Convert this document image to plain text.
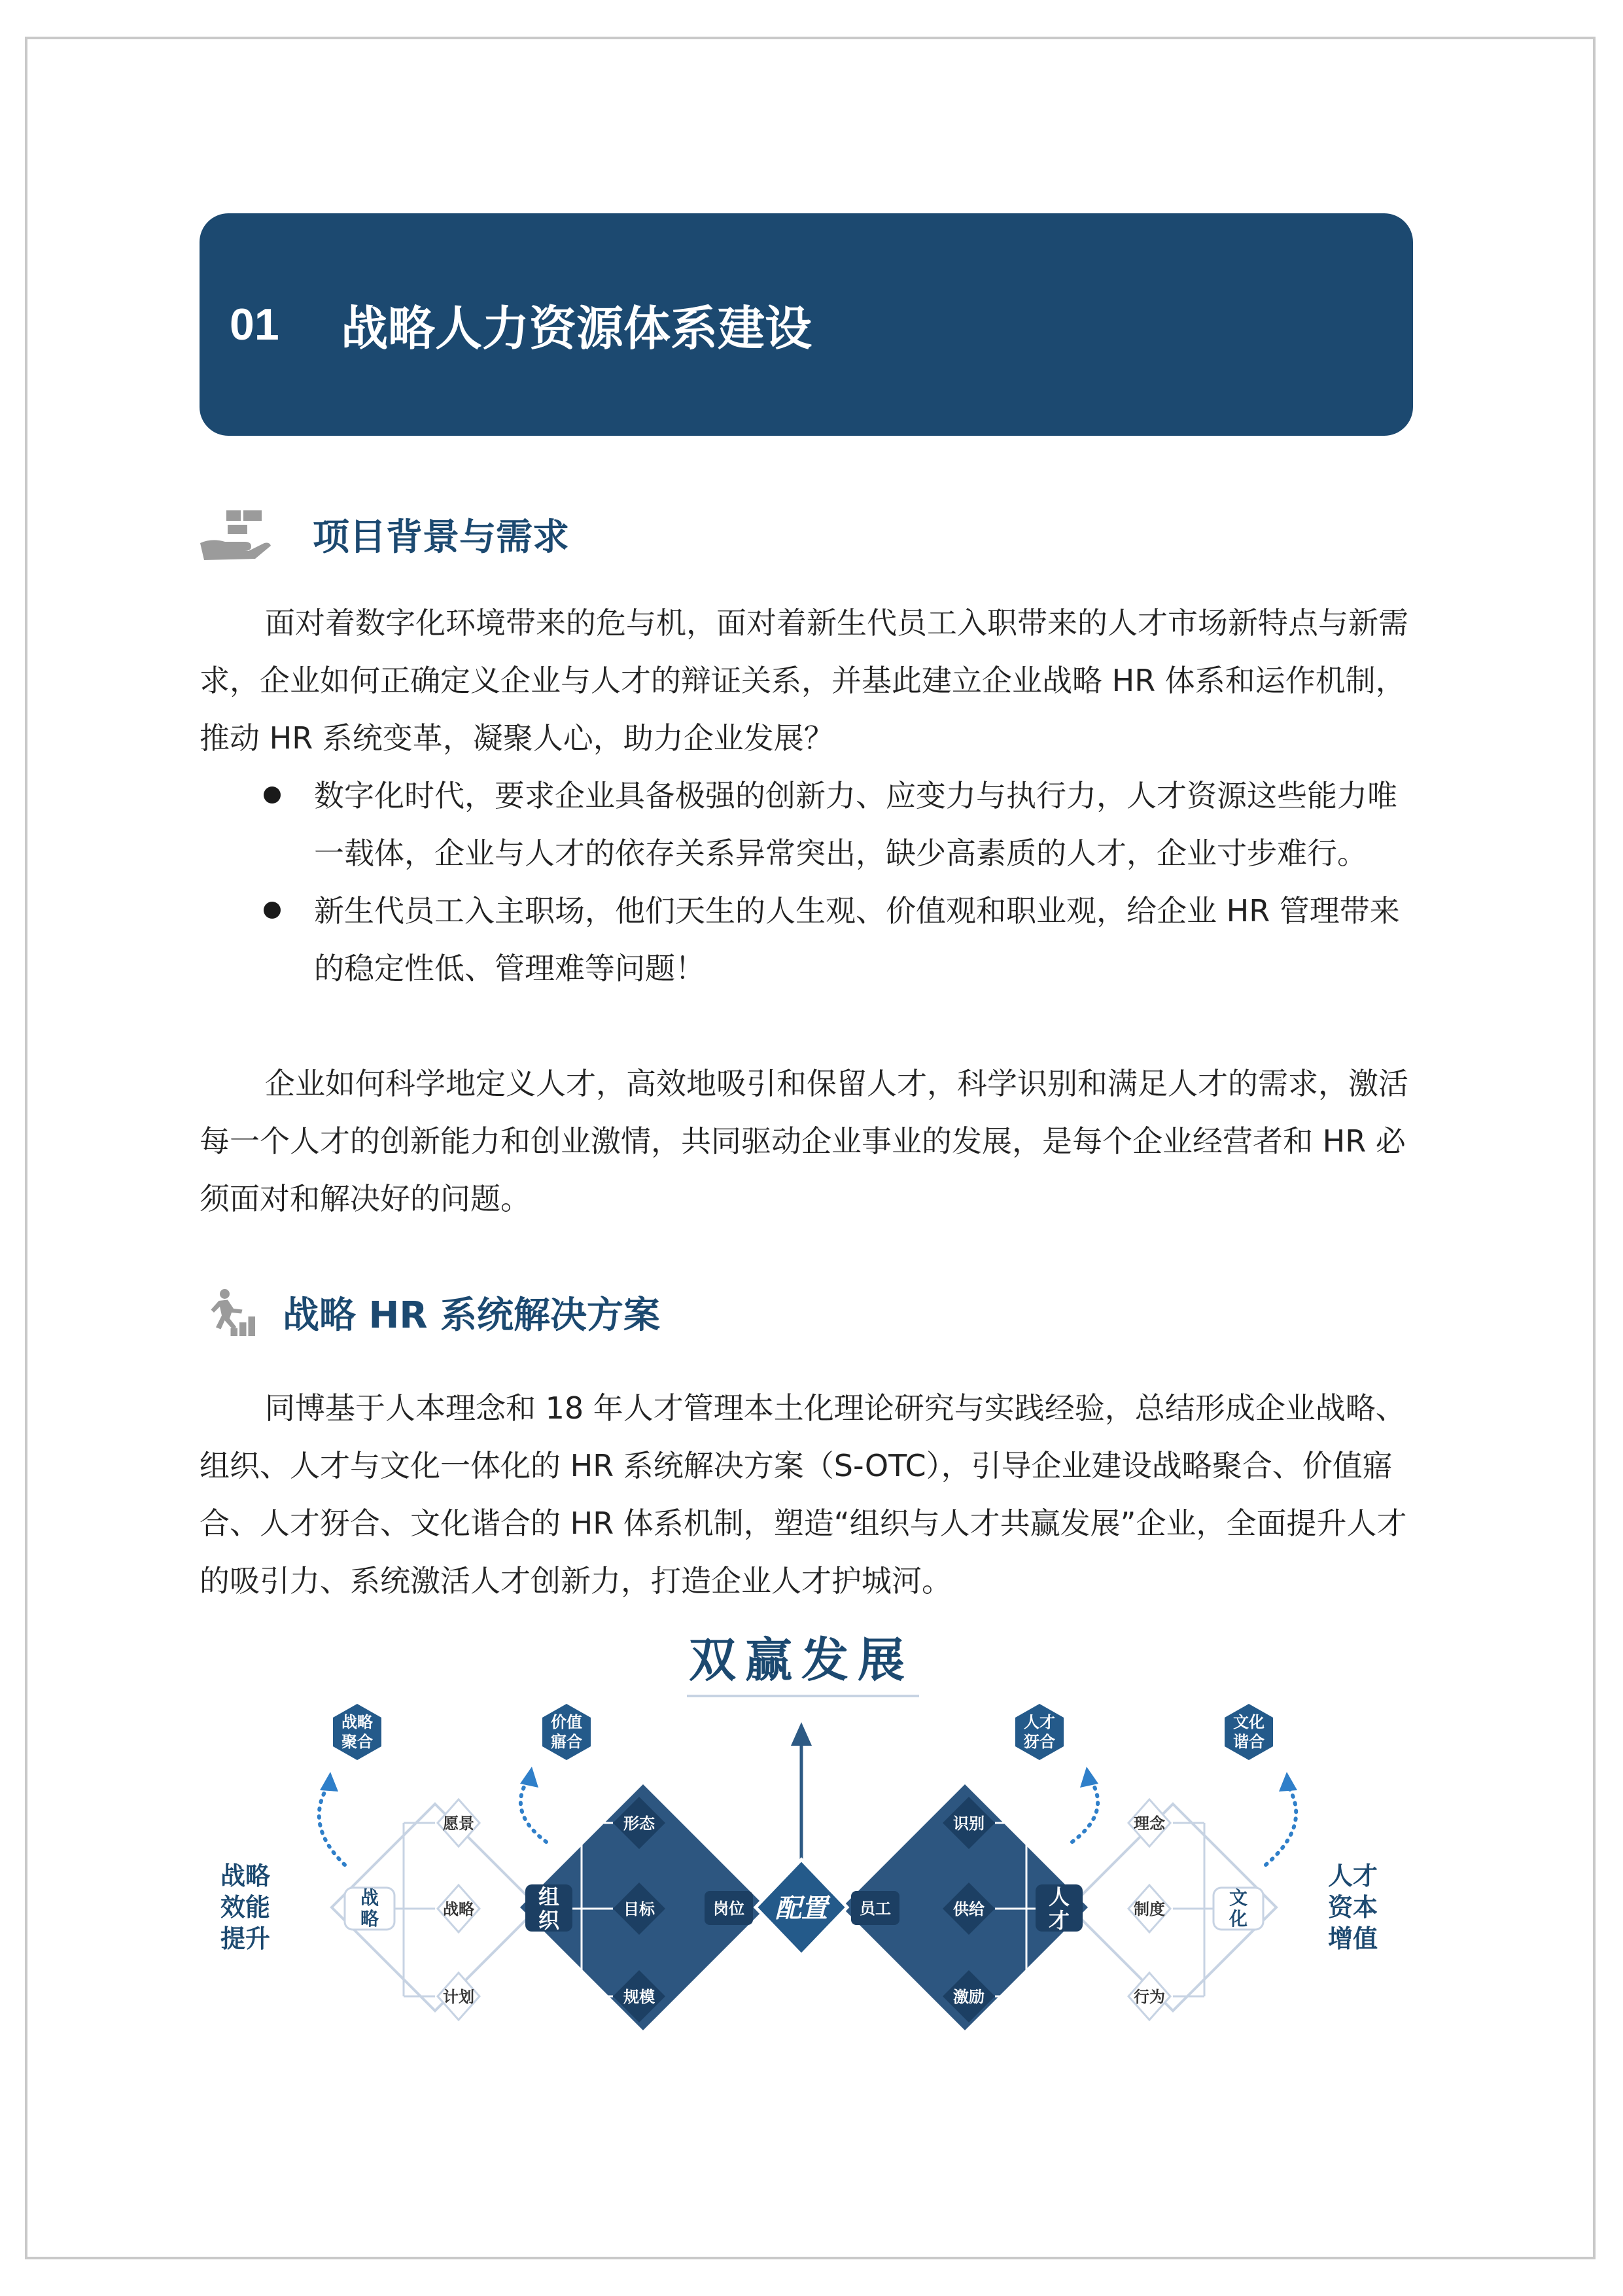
01	战略人力资源体系建设
项目背景与需求

面对着数字化环境带来的危与机，面对着新生代员工入职带来的人才市场新特点与新需求，企业如何正确定义企业与人才的辩证关系，并基此建立企业战略 HR 体系和运作机制，推动 HR 系统变革，凝聚人心，助力企业发展？

数字化时代，要求企业具备极强的创新力、应变力与执行力，人才资源这些能力唯一载体，企业与人才的依存关系异常突出，缺少高素质的人才，企业寸步难行。
新生代员工入主职场，他们天生的人生观、价值观和职业观，给企业 HR 管理带来的稳定性低、管理难等问题！

企业如何科学地定义人才，高效地吸引和保留人才，科学识别和满足人才的需求，激活每一个人才的创新能力和创业激情，共同驱动企业事业的发展，是每个企业经营者和 HR 必须面对和解决好的问题。

战略 HR 系统解决方案

同博基于人本理念和 18 年人才管理本土化理论研究与实践经验，总结形成企业战略、组织、人才与文化一体化的 HR 系统解决方案（S-OTC），引导企业建设战略聚合、价值寤合、人才犽合、文化谐合的 HR 体系机制，塑造“组织与人才共赢发展”企业，全面提升人才的吸引力、系统激活人才创新力，打造企业人才护城河。

双赢发展
战
略
愿景
战略
计划
文
化
理念
制度
行为
组
织
形态
目标
规模
岗位	人
才
识别
供给
激励
员工
配置
战略
聚合
价值
寤合
人才
犽合
文化
谐合
战略
效能
提升
人才
资本
增值
